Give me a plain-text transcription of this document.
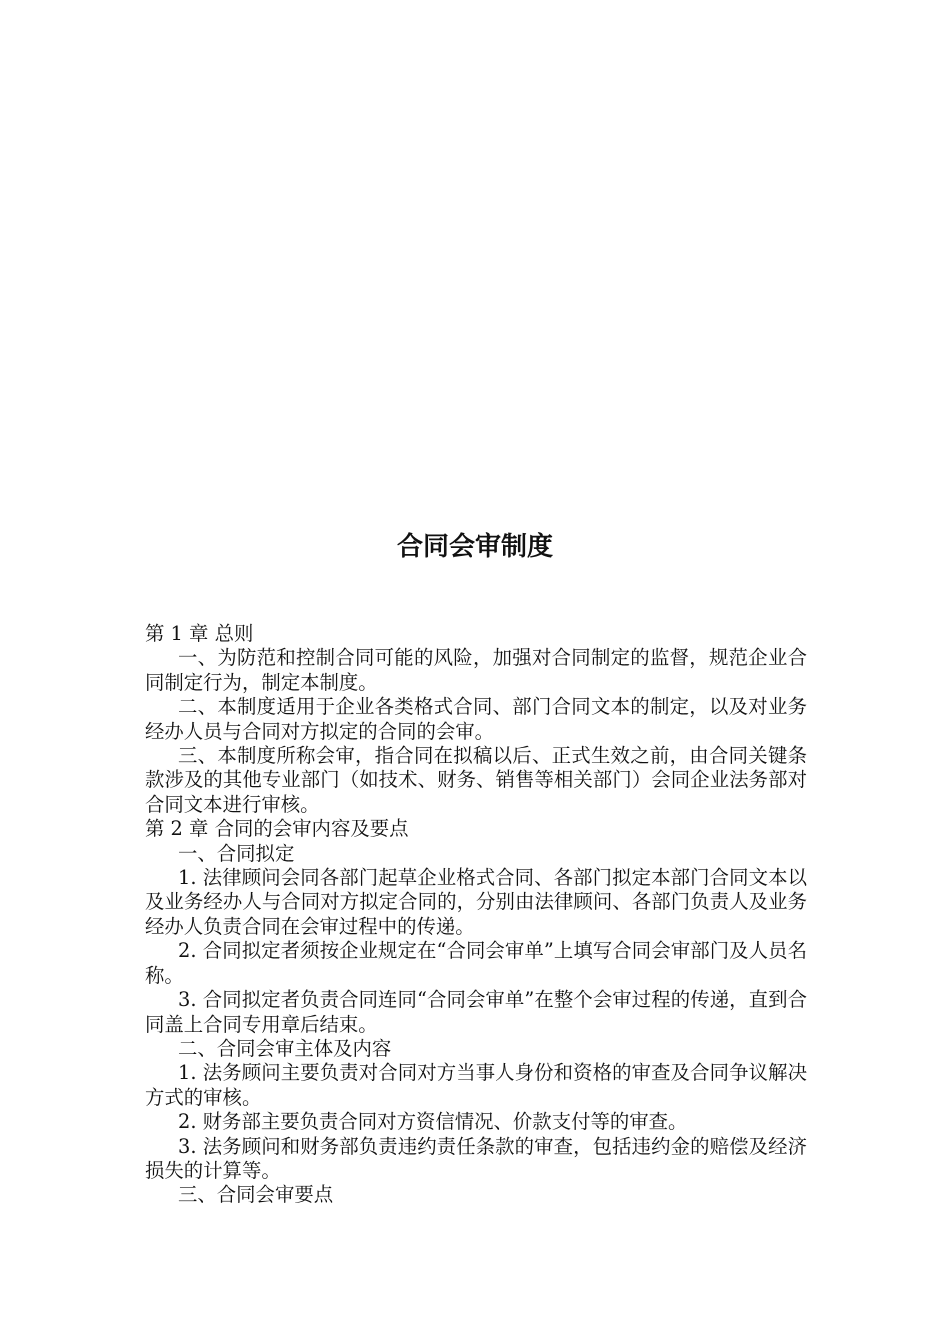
合同会审制度

第 1 章 总则

一、为防范和控制合同可能的风险，加强对合同制定的监督，规范企业合同制定行为，制定本制度。

二、本制度适用于企业各类格式合同、部门合同文本的制定，以及对业务经办人员与合同对方拟定的合同的会审。

三、本制度所称会审，指合同在拟稿以后、正式生效之前，由合同关键条款涉及的其他专业部门（如技术、财务、销售等相关部门）会同企业法务部对合同文本进行审核。

第 2 章 合同的会审内容及要点

一、合同拟定

1. 法律顾问会同各部门起草企业格式合同、各部门拟定本部门合同文本以及业务经办人与合同对方拟定合同的，分别由法律顾问、各部门负责人及业务经办人负责合同在会审过程中的传递。

2. 合同拟定者须按企业规定在“合同会审单”上填写合同会审部门及人员名称。

3. 合同拟定者负责合同连同“合同会审单”在整个会审过程的传递，直到合同盖上合同专用章后结束。

二、合同会审主体及内容

1. 法务顾问主要负责对合同对方当事人身份和资格的审查及合同争议解决方式的审核。

2. 财务部主要负责合同对方资信情况、价款支付等的审查。

3. 法务顾问和财务部负责违约责任条款的审查，包括违约金的赔偿及经济损失的计算等。

三、合同会审要点
